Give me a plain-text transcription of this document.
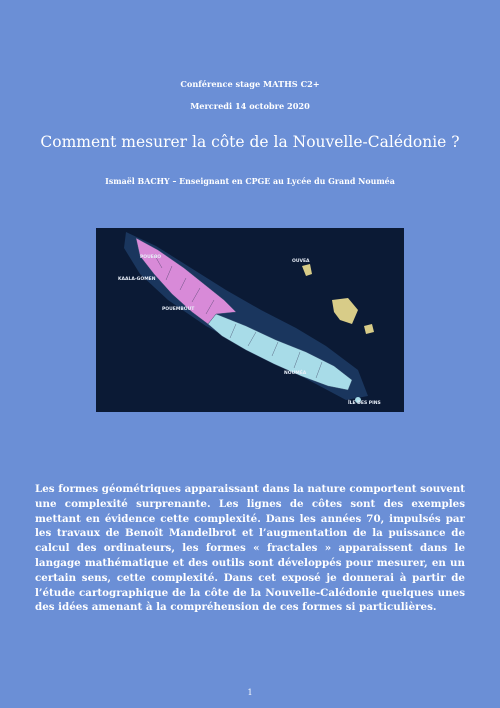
Conférence stage MATHS C2+
Mercredi 14 octobre 2020
Comment mesurer la côte de la Nouvelle-Calédonie ?
Ismaël BACHY – Enseignant en CPGE au Lycée du Grand Nouméa
POUEBO
KAALA-GOMEN
POUEMBOUT
OUVEA
NOUMÉA
ÎLE DES PINS

Les formes géométriques apparaissant dans la nature comportent souvent une complexité surprenante. Les lignes de côtes sont des exemples mettant en évidence cette complexité. Dans les années 70, impulsés par les travaux de Benoît Mandelbrot et l’augmentation de la puissance de calcul des ordinateurs, les formes « fractales » apparaissent dans le langage mathématique et des outils sont développés pour mesurer, en un certain sens, cette complexité. Dans cet exposé je donnerai à partir de l’étude cartographique de la côte de la Nouvelle-Calédonie quelques unes des idées amenant à la compréhension de ces formes si particulières.

1
